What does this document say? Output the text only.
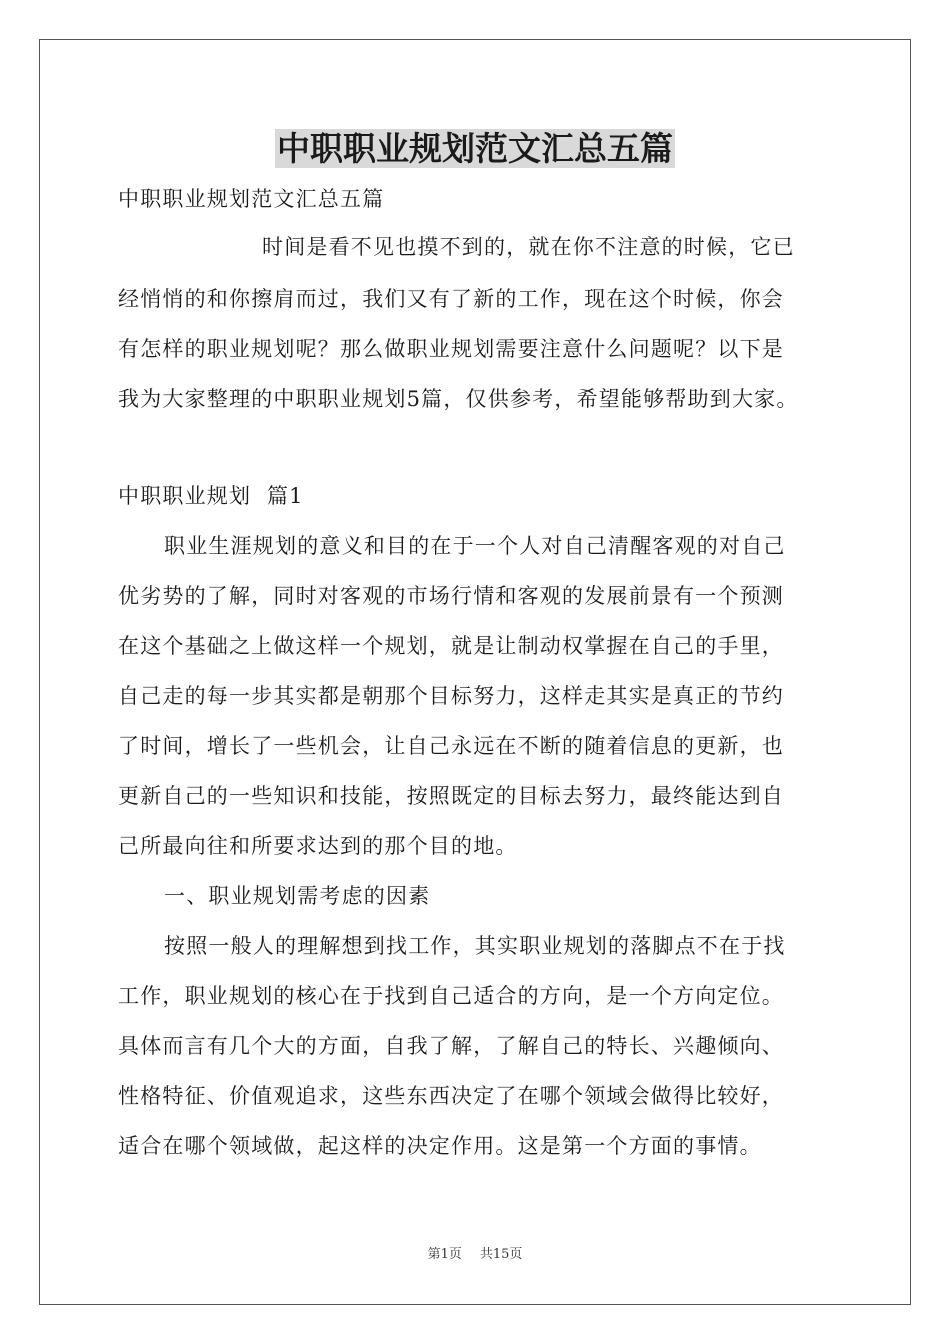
中职职业规划范文汇总五篇

中职职业规划范文汇总五篇

时间是看不见也摸不到的，就在你不注意的时候，它已

经悄悄的和你擦肩而过，我们又有了新的工作，现在这个时候，你会

有怎样的职业规划呢？那么做职业规划需要注意什么问题呢？以下是

我为大家整理的中职职业规划5篇，仅供参考，希望能够帮助到大家。

中职职业规划  篇1

职业生涯规划的意义和目的在于一个人对自己清醒客观的对自己

优劣势的了解，同时对客观的市场行情和客观的发展前景有一个预测

在这个基础之上做这样一个规划，就是让制动权掌握在自己的手里，

自己走的每一步其实都是朝那个目标努力，这样走其实是真正的节约

了时间，增长了一些机会，让自己永远在不断的随着信息的更新，也

更新自己的一些知识和技能，按照既定的目标去努力，最终能达到自

己所最向往和所要求达到的那个目的地。

一、职业规划需考虑的因素

按照一般人的理解想到找工作，其实职业规划的落脚点不在于找

工作，职业规划的核心在于找到自己适合的方向，是一个方向定位。

具体而言有几个大的方面，自我了解，了解自己的特长、兴趣倾向、

性格特征、价值观追求，这些东西决定了在哪个领域会做得比较好，

适合在哪个领域做，起这样的决定作用。这是第一个方面的事情。

第1页 共15页
